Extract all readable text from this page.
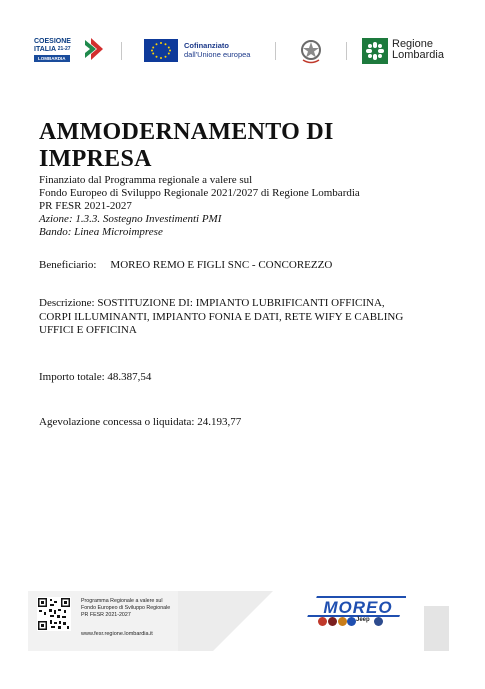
COESIONE
ITALIA $^{21-27}$
LOMBARDIA
Cofinanziato
dall'Unione europea
Regione
Lombardia
AMMODERNAMENTO DI IMPRESA
Finanziato dal Programma regionale a valere sul
Fondo Europeo di Sviluppo Regionale 2021/2027 di Regione Lombardia
PR FESR 2021-2027
Azione: 1.3.3. Sostegno Investimenti PMI
Bando: Linea Microimprese
Beneficiario: MOREO REMO E FIGLI SNC - CONCOREZZO
Descrizione: SOSTITUZIONE DI: IMPIANTO LUBRIFICANTI OFFICINA,
CORPI ILLUMINANTI, IMPIANTO FONIA E DATI, RETE WIFY E CABLING
UFFICI E OFFICINA
Importo totale: 48.387,54
Agevolazione concessa o liquidata: 24.193,77
Programma Regionale a valere sul
Fondo Europeo di Sviluppo Regionale
PR FESR 2021-2027
www.fesr.regione.lombardia.it
MOREO
Jeep
